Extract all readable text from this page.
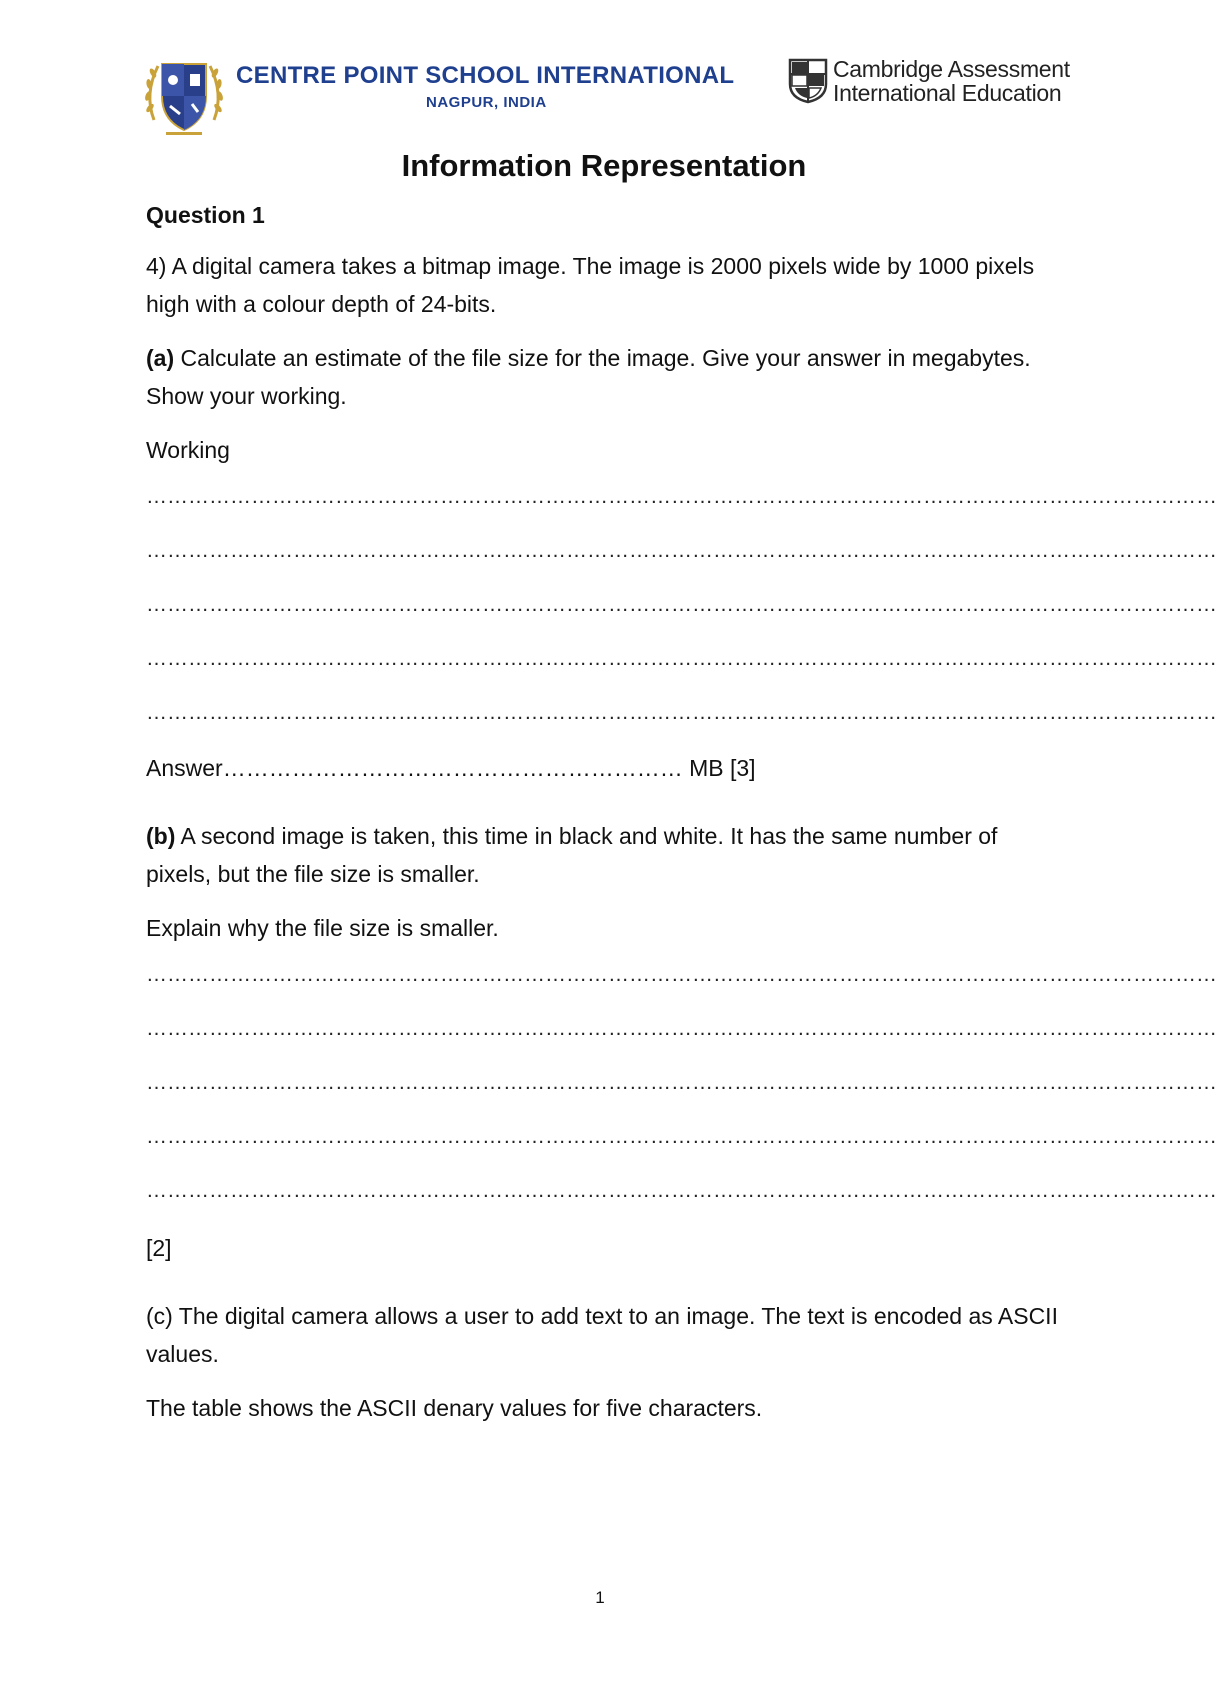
CENTRE POINT SCHOOL INTERNATIONAL
NAGPUR, INDIA
Cambridge Assessment
International Education
Information Representation
Question 1
4) A digital camera takes a bitmap image. The image is 2000 pixels wide by 1000 pixels high with a colour depth of 24-bits.
(a) Calculate an estimate of the file size for the image. Give your answer in megabytes. Show your working.
Working
………………………………………………………………………………………………………………………………………
………………………………………………………………………………………………………………………………………
………………………………………………………………………………………………………………………………………
………………………………………………………………………………………………………………………………………
………………………………………………………………………………………………………………………………………
Answer…………………………………………………… MB [3]
(b) A second image is taken, this time in black and white. It has the same number of pixels, but the file size is smaller.
Explain why the file size is smaller.
………………………………………………………………………………………………………………………………………
………………………………………………………………………………………………………………………………………
………………………………………………………………………………………………………………………………………
………………………………………………………………………………………………………………………………………
………………………………………………………………………………………………………………………………………
[2]
(c) The digital camera allows a user to add text to an image. The text is encoded as ASCII values.
The table shows the ASCII denary values for five characters.
1
